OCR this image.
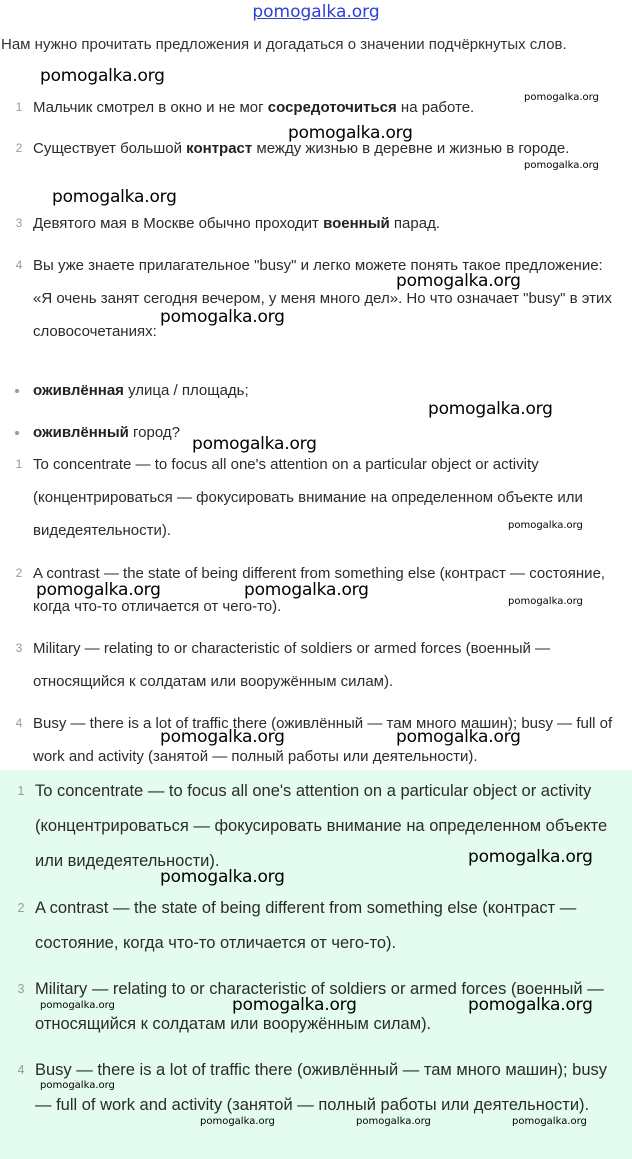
pomogalka.org
Нам нужно прочитать предложения и догадаться о значении подчёркнутых слов.
1 Мальчик смотрел в окно и не мог сосредоточиться на работе.
2 Существует большой контраст между жизнью в деревне и жизнью в городе.
3 Девятого мая в Москве обычно проходит военный парад.
4 Вы уже знаете прилагательное "busy" и легко можете понять такое предложение: «Я очень занят сегодня вечером, у меня много дел». Но что означает "busy" в этих словосочетаниях:
оживлённая улица / площадь;
оживлённый город?
1 To concentrate — to focus all one's attention on a particular object or activity (концентрироваться — фокусировать внимание на определенном объекте или видедеятельности).
2 A contrast — the state of being different from something else (контраст — состояние, когда что-то отличается от чего-то).
3 Military — relating to or characteristic of soldiers or armed forces (военный — относящийся к солдатам или вооружённым силам).
4 Busy — there is a lot of traffic there (оживлённый — там много машин); busy — full of work and activity (занятой — полный работы или деятельности).
1 To concentrate — to focus all one's attention on a particular object or activity (концентрироваться — фокусировать внимание на определенном объекте или видедеятельности).
2 A contrast — the state of being different from something else (контраст — состояние, когда что-то отличается от чего-то).
3 Military — relating to or characteristic of soldiers or armed forces (военный — относящийся к солдатам или вооружённым силам).
4 Busy — there is a lot of traffic there (оживлённый — там много машин); busy — full of work and activity (занятой — полный работы или деятельности).
pomogalka.org
pomogalka.org
pomogalka.org
pomogalka.org
pomogalka.org
pomogalka.org
pomogalka.org
pomogalka.org
pomogalka.org
pomogalka.org
pomogalka.org	pomogalka.org
pomogalka.org
pomogalka.org	pomogalka.org
pomogalka.org
pomogalka.org
pomogalka.org	pomogalka.org	pomogalka.org
pomogalka.org
pomogalka.org	pomogalka.org	pomogalka.org
